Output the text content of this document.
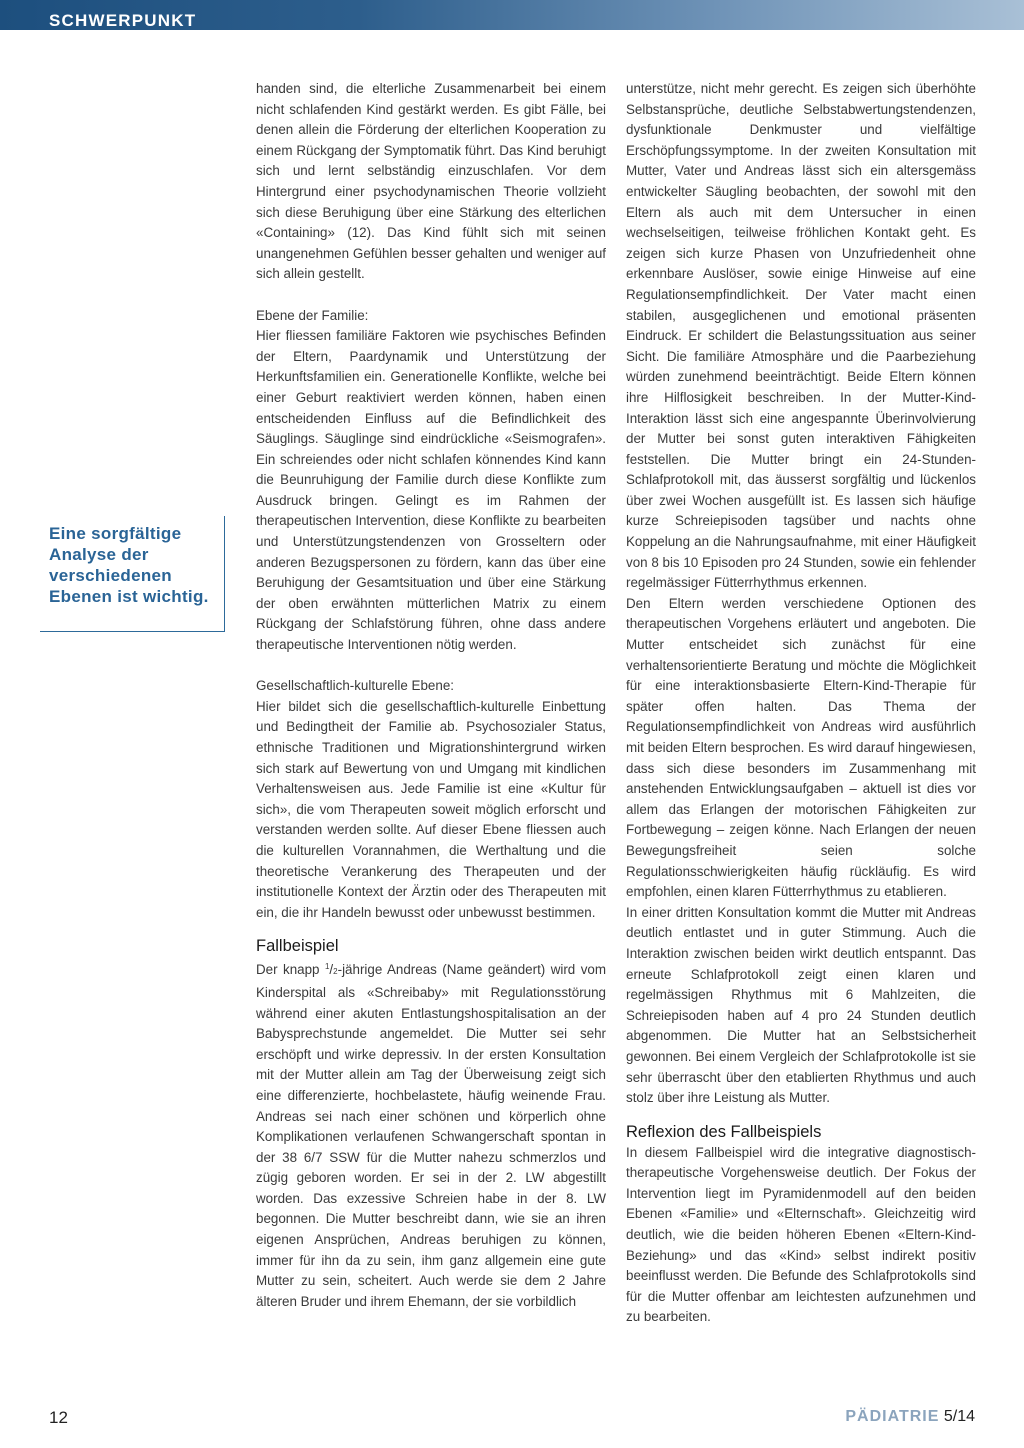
SCHWERPUNKT
Eine sorgfältige Analyse der verschiedenen Ebenen ist wichtig.

handen sind, die elterliche Zusammenarbeit bei einem nicht schlafenden Kind gestärkt werden. Es gibt Fälle, bei denen allein die Förderung der elterlichen Kooperation zu einem Rückgang der Symptomatik führt. Das Kind beruhigt sich und lernt selbständig einzuschlafen. Vor dem Hintergrund einer psychodynamischen Theorie vollzieht sich diese Beruhigung über eine Stärkung des elterlichen «Containing» (12). Das Kind fühlt sich mit seinen unangenehmen Gefühlen besser gehalten und weniger auf sich allein gestellt.

Ebene der Familie:

Hier fliessen familiäre Faktoren wie psychisches Befinden der Eltern, Paardynamik und Unterstützung der Herkunftsfamilien ein. Generationelle Konflikte, welche bei einer Geburt reaktiviert werden können, haben einen entscheidenden Einfluss auf die Befindlichkeit des Säuglings. Säuglinge sind eindrückliche «Seismografen». Ein schreiendes oder nicht schlafen könnendes Kind kann die Beunruhigung der Familie durch diese Konflikte zum Ausdruck bringen. Gelingt es im Rahmen der therapeutischen Intervention, diese Konflikte zu bearbeiten und Unterstützungstendenzen von Grosseltern oder anderen Bezugspersonen zu fördern, kann das über eine Beruhigung der Gesamtsituation und über eine Stärkung der oben erwähnten mütterlichen Matrix zu einem Rückgang der Schlafstörung führen, ohne dass andere therapeutische Interventionen nötig werden.

Gesellschaftlich-kulturelle Ebene:

Hier bildet sich die gesellschaftlich-kulturelle Einbettung und Bedingtheit der Familie ab. Psychosozialer Status, ethnische Traditionen und Migrationshintergrund wirken sich stark auf Bewertung von und Umgang mit kindlichen Verhaltensweisen aus. Jede Familie ist eine «Kultur für sich», die vom Therapeuten soweit möglich erforscht und verstanden werden sollte. Auf dieser Ebene fliessen auch die kulturellen Vorannahmen, die Werthaltung und die theoretische Verankerung des Therapeuten und der institutionelle Kontext der Ärztin oder des Therapeuten mit ein, die ihr Handeln bewusst oder unbewusst bestimmen.

Fallbeispiel

Der knapp $^1$/2-jährige Andreas (Name geändert) wird vom Kinderspital als «Schreibaby» mit Regulationsstörung während einer akuten Entlastungshospitalisation an der Babysprechstunde angemeldet. Die Mutter sei sehr erschöpft und wirke depressiv. In der ersten Konsultation mit der Mutter allein am Tag der Überweisung zeigt sich eine differenzierte, hochbelastete, häufig weinende Frau. Andreas sei nach einer schönen und körperlich ohne Komplikationen verlaufenen Schwangerschaft spontan in der 38 6/7 SSW für die Mutter nahezu schmerzlos und zügig geboren worden. Er sei in der 2. LW abgestillt worden. Das exzessive Schreien habe in der 8. LW begonnen. Die Mutter beschreibt dann, wie sie an ihren eigenen Ansprüchen, Andreas beruhigen zu können, immer für ihn da zu sein, ihm ganz allgemein eine gute Mutter zu sein, scheitert. Auch werde sie dem 2 Jahre älteren Bruder und ihrem Ehemann, der sie vorbildlich

unterstütze, nicht mehr gerecht. Es zeigen sich überhöhte Selbstansprüche, deutliche Selbstabwertungstendenzen, dysfunktionale Denkmuster und vielfältige Erschöpfungssymptome. In der zweiten Konsultation mit Mutter, Vater und Andreas lässt sich ein altersgemäss entwickelter Säugling beobachten, der sowohl mit den Eltern als auch mit dem Untersucher in einen wechselseitigen, teilweise fröhlichen Kontakt geht. Es zeigen sich kurze Phasen von Unzufriedenheit ohne erkennbare Auslöser, sowie einige Hinweise auf eine Regulationsempfindlichkeit. Der Vater macht einen stabilen, ausgeglichenen und emotional präsenten Eindruck. Er schildert die Belastungssituation aus seiner Sicht. Die familiäre Atmosphäre und die Paarbeziehung würden zunehmend beeinträchtigt. Beide Eltern können ihre Hilflosigkeit beschreiben. In der Mutter-Kind-Interaktion lässt sich eine angespannte Überinvolvierung der Mutter bei sonst guten interaktiven Fähigkeiten feststellen. Die Mutter bringt ein 24-Stunden-Schlafprotokoll mit, das äusserst sorgfältig und lückenlos über zwei Wochen ausgefüllt ist. Es lassen sich häufige kurze Schreiepisoden tagsüber und nachts ohne Koppelung an die Nahrungsaufnahme, mit einer Häufigkeit von 8 bis 10 Episoden pro 24 Stunden, sowie ein fehlender regelmässiger Fütterrhythmus erkennen.

Den Eltern werden verschiedene Optionen des therapeutischen Vorgehens erläutert und angeboten. Die Mutter entscheidet sich zunächst für eine verhaltensorientierte Beratung und möchte die Möglichkeit für eine interaktionsbasierte Eltern-Kind-Therapie für später offen halten. Das Thema der Regulationsempfindlichkeit von Andreas wird ausführlich mit beiden Eltern besprochen. Es wird darauf hingewiesen, dass sich diese besonders im Zusammenhang mit anstehenden Entwicklungsaufgaben – aktuell ist dies vor allem das Erlangen der motorischen Fähigkeiten zur Fortbewegung – zeigen könne. Nach Erlangen der neuen Bewegungsfreiheit seien solche Regulationsschwierigkeiten häufig rückläufig. Es wird empfohlen, einen klaren Fütterrhythmus zu etablieren.

In einer dritten Konsultation kommt die Mutter mit Andreas deutlich entlastet und in guter Stimmung. Auch die Interaktion zwischen beiden wirkt deutlich entspannt. Das erneute Schlafprotokoll zeigt einen klaren und regelmässigen Rhythmus mit 6 Mahlzeiten, die Schreiepisoden haben auf 4 pro 24 Stunden deutlich abgenommen. Die Mutter hat an Selbstsicherheit gewonnen. Bei einem Vergleich der Schlafprotokolle ist sie sehr überrascht über den etablierten Rhythmus und auch stolz über ihre Leistung als Mutter.

Reflexion des Fallbeispiels

In diesem Fallbeispiel wird die integrative diagnostisch-therapeutische Vorgehensweise deutlich. Der Fokus der Intervention liegt im Pyramidenmodell auf den beiden Ebenen «Familie» und «Elternschaft». Gleichzeitig wird deutlich, wie die beiden höheren Ebenen «Eltern-Kind-Beziehung» und das «Kind» selbst indirekt positiv beeinflusst werden. Die Befunde des Schlafprotokolls sind für die Mutter offenbar am leichtesten aufzunehmen und zu bearbeiten.

12	PÄDIATRIE 5/14
